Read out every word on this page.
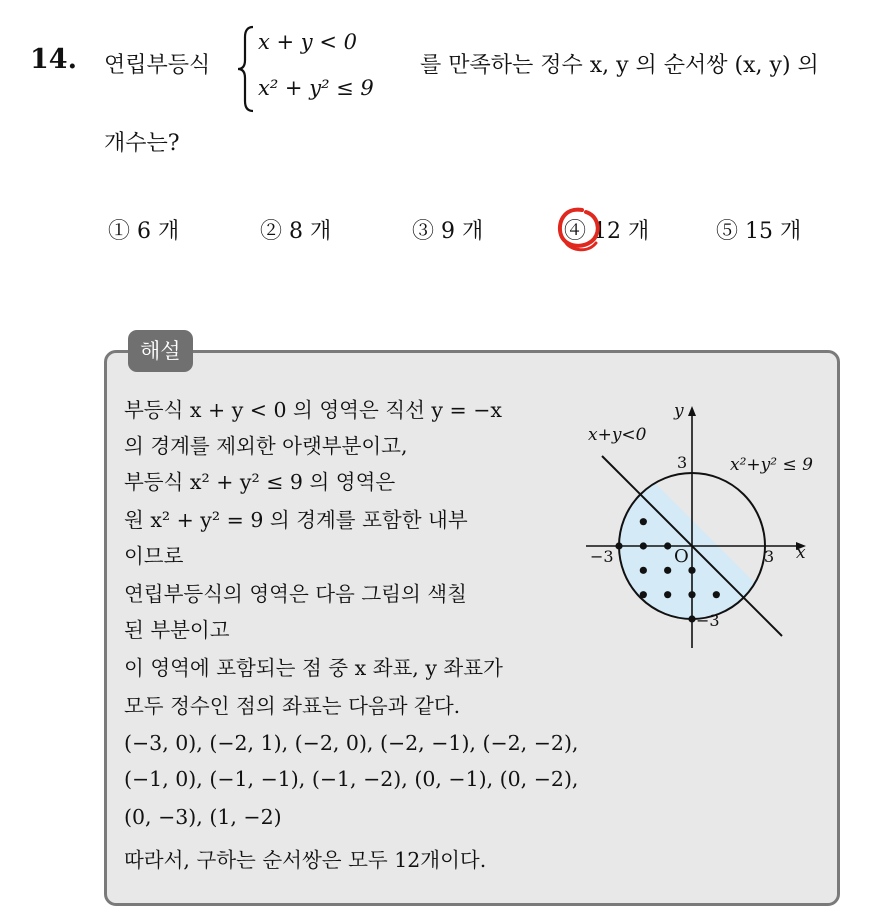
14. 연립부등식
x + y < 0
x² + y² ≤ 9
를 만족하는 정수 x, y 의 순서쌍 (x, y) 의
개수는?
① 6 개	② 8 개	③ 9 개	④ 12 개	⑤ 15 개
해설
부등식 x + y < 0 의 영역은 직선 y = −x
의 경계를 제외한 아랫부분이고,
부등식 x² + y² ≤ 9 의 영역은
원 x² + y² = 9 의 경계를 포함한 내부
이므로
연립부등식의 영역은 다음 그림의 색칠
된 부분이고
이 영역에 포함되는 점 중 x 좌표, y 좌표가
모두 정수인 점의 좌표는 다음과 같다.
(−3, 0), (−2, 1), (−2, 0), (−2, −1), (−2, −2),
(−1, 0), (−1, −1), (−1, −2), (0, −1), (0, −2),
(0, −3), (1, −2)
따라서, 구하는 순서쌍은 모두 12개이다.
x+y<0
x²+y² ≤ 9
y
x
O
3
−3	3
−3
